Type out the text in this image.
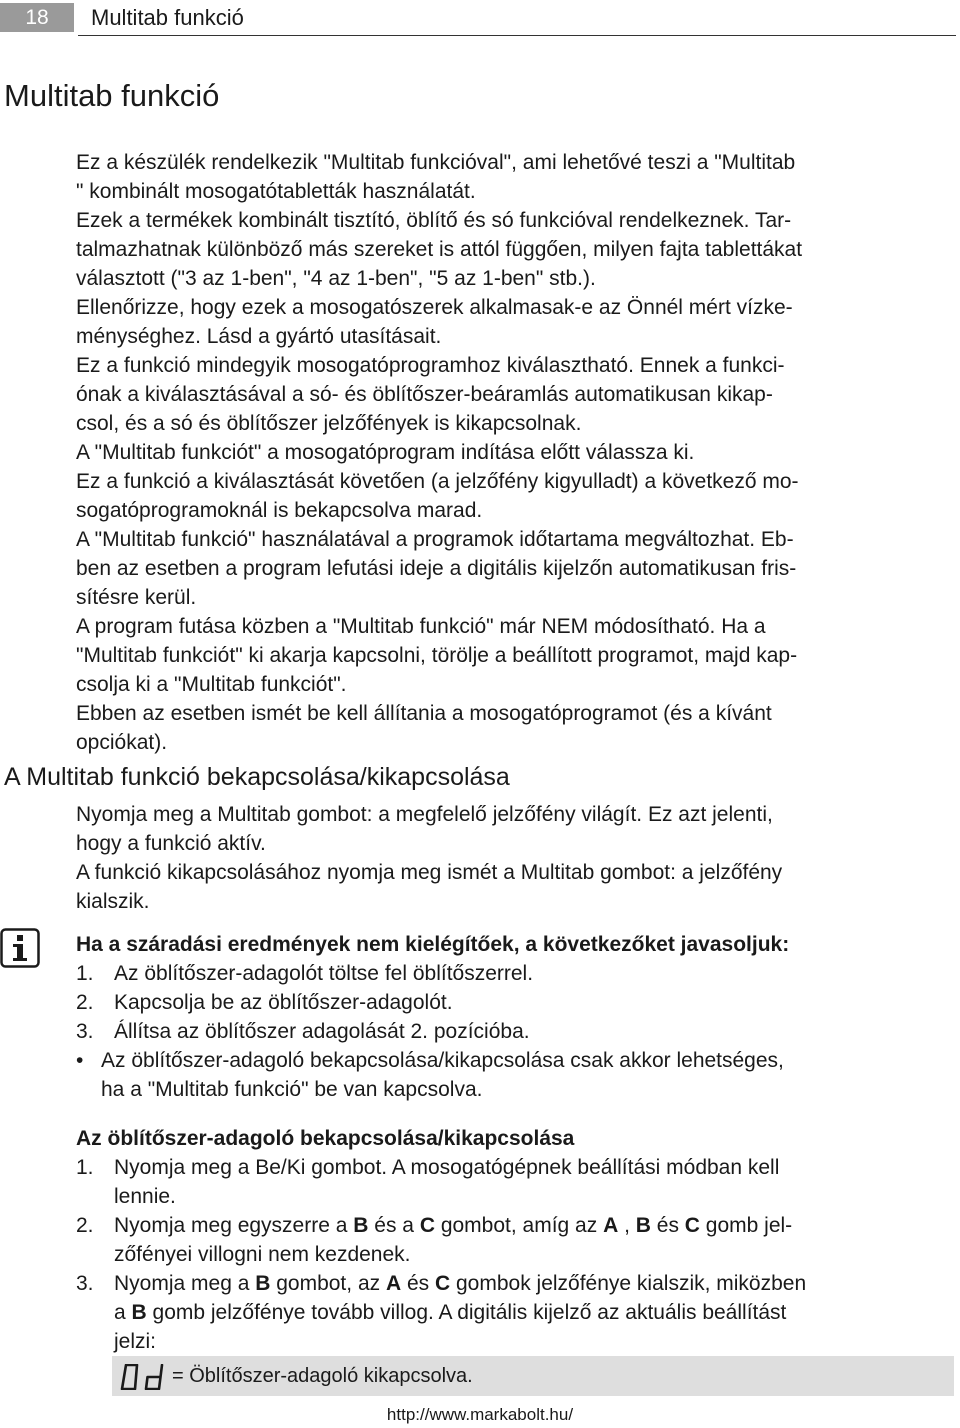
18	Multitab funkció
Multitab funkció

Ez a készülék rendelkezik "Multitab funkcióval", ami lehetővé teszi a "Multitab

" kombinált mosogatótabletták használatát.

Ezek a termékek kombinált tisztító, öblítő és só funkcióval rendelkeznek. Tar-

talmazhatnak különböző más szereket is attól függően, milyen fajta tablettákat

választott ("3 az 1-ben", "4 az 1-ben", "5 az 1-ben" stb.).

Ellenőrizze, hogy ezek a mosogatószerek alkalmasak-e az Önnél mért vízke-

ménységhez. Lásd a gyártó utasításait.

Ez a funkció mindegyik mosogatóprogramhoz kiválasztható. Ennek a funkci-

ónak a kiválasztásával a só- és öblítőszer-beáramlás automatikusan kikap-

csol, és a só és öblítőszer jelzőfények is kikapcsolnak.

A "Multitab funkciót" a mosogatóprogram indítása előtt válassza ki.

Ez a funkció a kiválasztását követően (a jelzőfény kigyulladt) a következő mo-

sogatóprogramoknál is bekapcsolva marad.

A "Multitab funkció" használatával a programok időtartama megváltozhat. Eb-

ben az esetben a program lefutási ideje a digitális kijelzőn automatikusan fris-

sítésre kerül.

A program futása közben a "Multitab funkció" már NEM módosítható. Ha a

"Multitab funkciót" ki akarja kapcsolni, törölje a beállított programot, majd kap-

csolja ki a "Multitab funkciót".

Ebben az esetben ismét be kell állítania a mosogatóprogramot (és a kívánt

opciókat).

A Multitab funkció bekapcsolása/kikapcsolása

Nyomja meg a Multitab gombot: a megfelelő jelzőfény világít. Ez azt jelenti,

hogy a funkció aktív.

A funkció kikapcsolásához nyomja meg ismét a Multitab gombot: a jelzőfény

kialszik.

Ha a száradási eredmények nem kielégítőek, a következőket javasoljuk:

1. Az öblítőszer-adagolót töltse fel öblítőszerrel.
2. Kapcsolja be az öblítőszer-adagolót.
3. Állítsa az öblítőszer adagolását 2. pozícióba.
• Az öblítőszer-adagoló bekapcsolása/kikapcsolása csak akkor lehetséges,
ha a "Multitab funkció" be van kapcsolva.

Az öblítőszer-adagoló bekapcsolása/kikapcsolása

1. Nyomja meg a Be/Ki gombot. A mosogatógépnek beállítási módban kell
lennie.
2. Nyomja meg egyszerre a B és a C gombot, amíg az A , B és C gomb jel-
zőfényei villogni nem kezdenek.
3. Nyomja meg a B gombot, az A és C gombok jelzőfénye kialszik, miközben
a B gomb jelzőfénye tovább villog. A digitális kijelző az aktuális beállítást
jelzi:
= Öblítőszer-adagoló kikapcsolva.
http://www.markabolt.hu/
